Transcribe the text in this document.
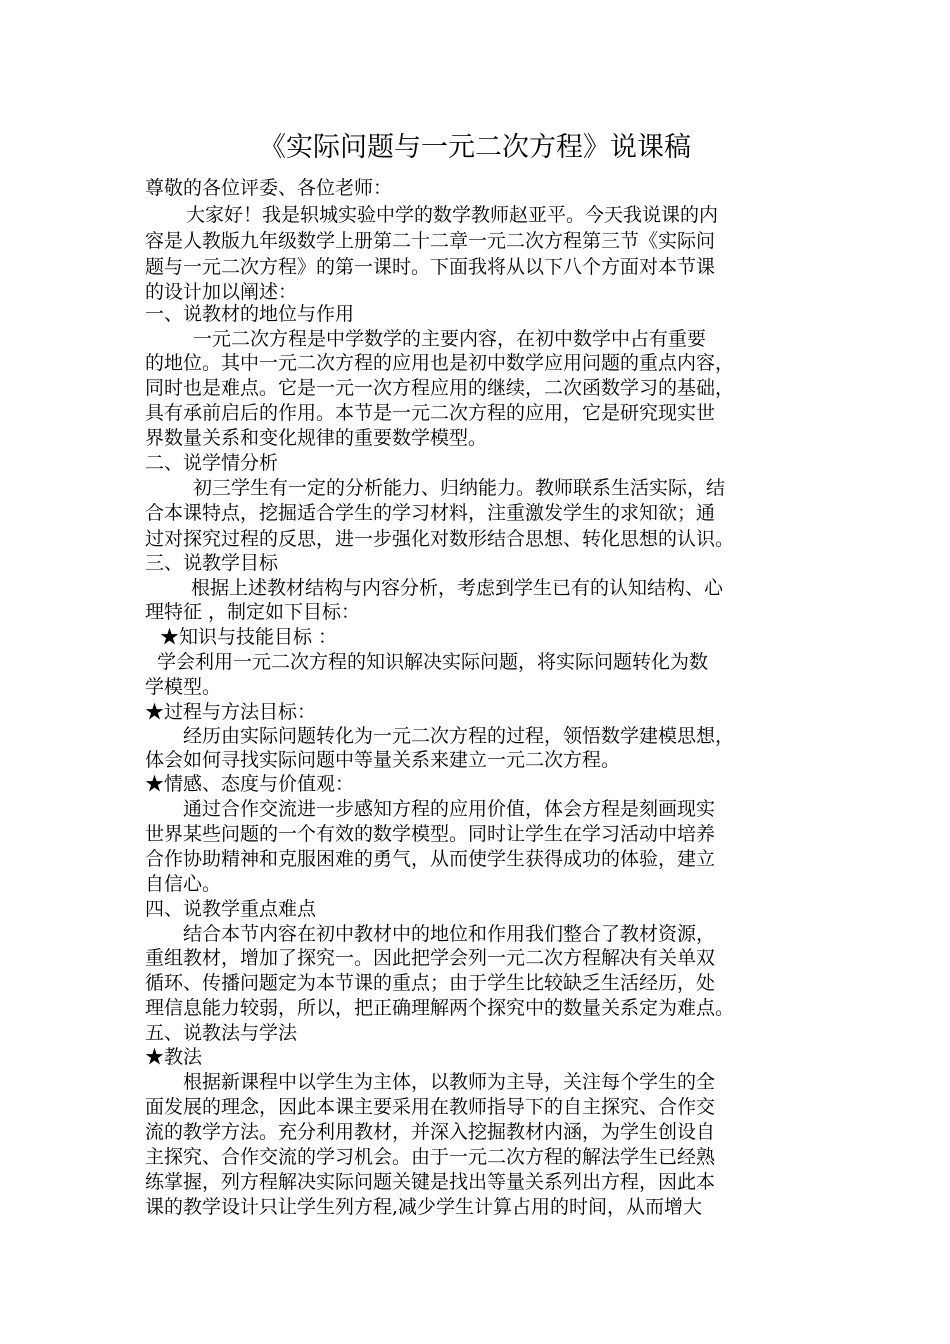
《实际问题与一元二次方程》说课稿
尊敬的各位评委、各位老师：
大家好！我是轵城实验中学的数学教师赵亚平。今天我说课的内
容是人教版九年级数学上册第二十二章一元二次方程第三节《实际问
题与一元二次方程》的第一课时。下面我将从以下八个方面对本节课
的设计加以阐述：
一、说教材的地位与作用
一元二次方程是中学数学的主要内容，在初中数学中占有重要
的地位。其中一元二次方程的应用也是初中数学应用问题的重点内容，
同时也是难点。它是一元一次方程应用的继续，二次函数学习的基础，
具有承前启后的作用。本节是一元二次方程的应用，它是研究现实世
界数量关系和变化规律的重要数学模型。
二、说学情分析
初三学生有一定的分析能力、归纳能力。教师联系生活实际，结
合本课特点，挖掘适合学生的学习材料，注重激发学生的求知欲；通
过对探究过程的反思，进一步强化对数形结合思想、转化思想的认识。
三、说教学目标
根据上述教材结构与内容分析，考虑到学生已有的认知结构、心
理特征 ，制定如下目标：
★知识与技能目标 ：
学会利用一元二次方程的知识解决实际问题，将实际问题转化为数
学模型。
★过程与方法目标：
经历由实际问题转化为一元二次方程的过程，领悟数学建模思想，
体会如何寻找实际问题中等量关系来建立一元二次方程。
★情感、态度与价值观：
通过合作交流进一步感知方程的应用价值，体会方程是刻画现实
世界某些问题的一个有效的数学模型。同时让学生在学习活动中培养
合作协助精神和克服困难的勇气，从而使学生获得成功的体验，建立
自信心。
四、说教学重点难点
结合本节内容在初中教材中的地位和作用我们整合了教材资源，
重组教材，增加了探究一。因此把学会列一元二次方程解决有关单双
循环、传播问题定为本节课的重点；由于学生比较缺乏生活经历，处
理信息能力较弱，所以，把正确理解两个探究中的数量关系定为难点。
五、说教法与学法
★教法
根据新课程中以学生为主体，以教师为主导，关注每个学生的全
面发展的理念，因此本课主要采用在教师指导下的自主探究、合作交
流的教学方法。充分利用教材，并深入挖掘教材内涵，为学生创设自
主探究、合作交流的学习机会。由于一元二次方程的解法学生已经熟
练掌握，列方程解决实际问题关键是找出等量关系列出方程，因此本
课的教学设计只让学生列方程,减少学生计算占用的时间，从而增大
